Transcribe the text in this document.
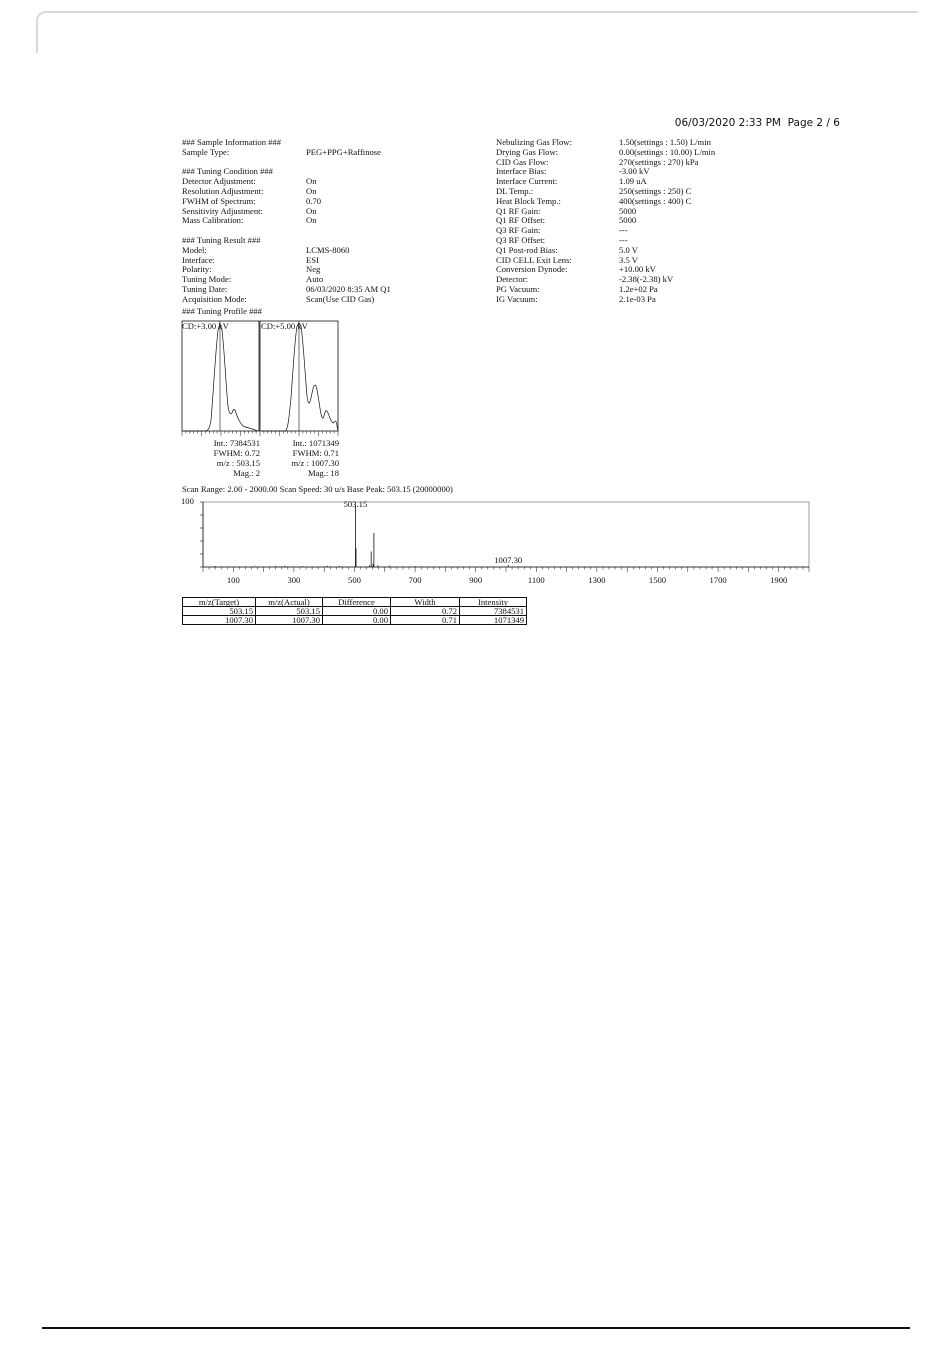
06/03/2020 2:33 PM Page 2 / 6
### Sample Information ###
Sample Type:	PEG+PPG+Raffinose
### Tuning Condition ###
Detector Adjustment:	On
Resolution Adjustment:	On
FWHM of Spectrum:	0.70
Sensitivity Adjustment:	On
Mass Calibration:	On
### Tuning Result ###
Model:	LCMS-8060
Interface:	ESI
Polarity:	Neg
Tuning Mode:	Auto
Tuning Date:	06/03/2020 8:35 AM Q1
Acquisition Mode:	Scan(Use CID Gas)
### Tuning Profile ###
Nebulizing Gas Flow:	1.50(settings : 1.50) L/min
Drying Gas Flow:	0.00(settings : 10.00) L/min
CID Gas Flow:	270(settings : 270) kPa
Interface Bias:	-3.00 kV
Interface Current:	1.09 uA
DL Temp.:	250(settings : 250) C
Heat Block Temp.:	400(settings : 400) C
Q1 RF Gain:	5000
Q1 RF Offset:	5000
Q3 RF Gain:	---
Q3 RF Offset:	---
Q1 Post-rod Bias:	5.0 V
CID CELL Exit Lens:	3.5 V
Conversion Dynode:	+10.00 kV
Detector:	-2.38(-2.38) kV
PG Vacuum:	1.2e+02 Pa
IG Vacuum:	2.1e-03 Pa
CD:+3.00 kV	CD:+5.00 kV
Int.: 7384531
FWHM: 0.72
m/z : 503.15
Mag.: 2
Int.: 1071349
FWHM: 0.71
m/z : 1007.30
Mag.: 18
Scan Range: 2.00 - 2000.00 Scan Speed: 30 u/s Base Peak: 503.15 (20000000)
100
100	300	500	700	900	1100	1300	1500	1700	1900
503.15
1007.30
m/z(Target)	m/z(Actual)	Difference	Width	Intensity
503.15	503.15	0.00	0.72	7384531
1007.30	1007.30	0.00	0.71	1071349
